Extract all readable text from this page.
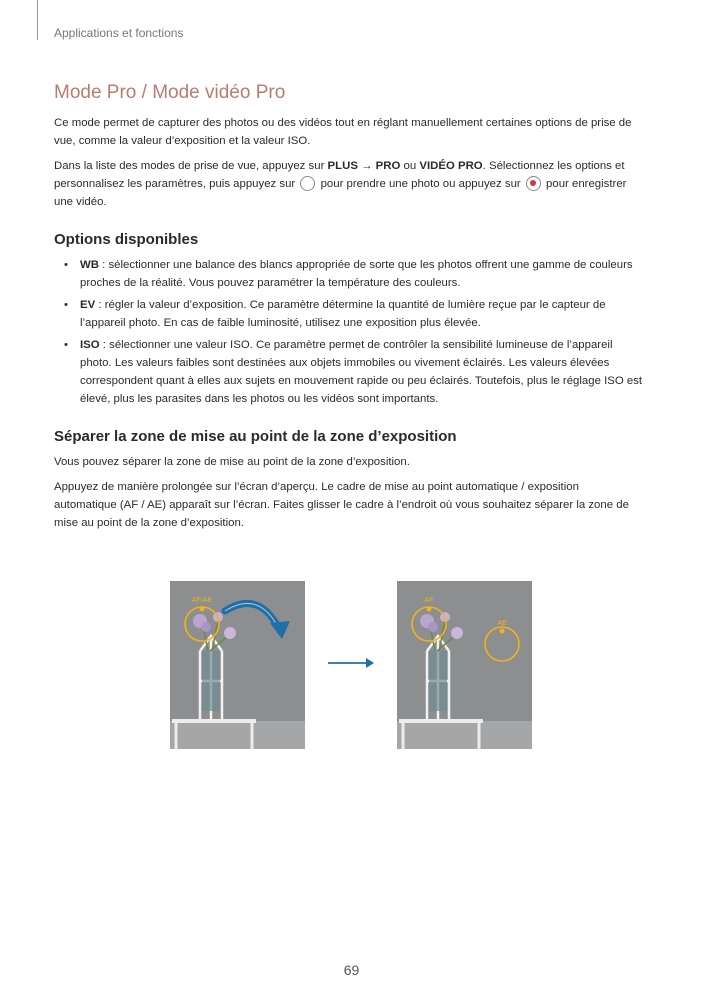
Applications et fonctions
Mode Pro / Mode vidéo Pro

Ce mode permet de capturer des photos ou des vidéos tout en réglant manuellement certaines options de prise de vue, comme la valeur d’exposition et la valeur ISO.

Dans la liste des modes de prise de vue, appuyez sur PLUS → PRO ou VIDÉO PRO. Sélectionnez les options et personnalisez les paramètres, puis appuyez sur pour prendre une photo ou appuyez sur pour enregistrer une vidéo.

Options disponibles
• WB : sélectionner une balance des blancs appropriée de sorte que les photos offrent une gamme de couleurs proches de la réalité. Vous pouvez paramétrer la température des couleurs.
• EV : régler la valeur d’exposition. Ce paramètre détermine la quantité de lumière reçue par le capteur de l’appareil photo. En cas de faible luminosité, utilisez une exposition plus élevée.
• ISO : sélectionner une valeur ISO. Ce paramètre permet de contrôler la sensibilité lumineuse de l’appareil photo. Les valeurs faibles sont destinées aux objets immobiles ou vivement éclairés. Les valeurs élevées correspondent quant à elles aux sujets en mouvement rapide ou peu éclairés. Toutefois, plus le réglage ISO est élevé, plus les parasites dans les photos ou les vidéos sont importants.
Séparer la zone de mise au point de la zone d’exposition

Vous pouvez séparer la zone de mise au point de la zone d’exposition.

Appuyez de manière prolongée sur l’écran d’aperçu. Le cadre de mise au point automatique / exposition automatique (AF / AE) apparaît sur l’écran. Faites glisser le cadre à l’endroit où vous souhaitez séparer la zone de mise au point de la zone d’exposition.

AF/AE	AF
AE
69
